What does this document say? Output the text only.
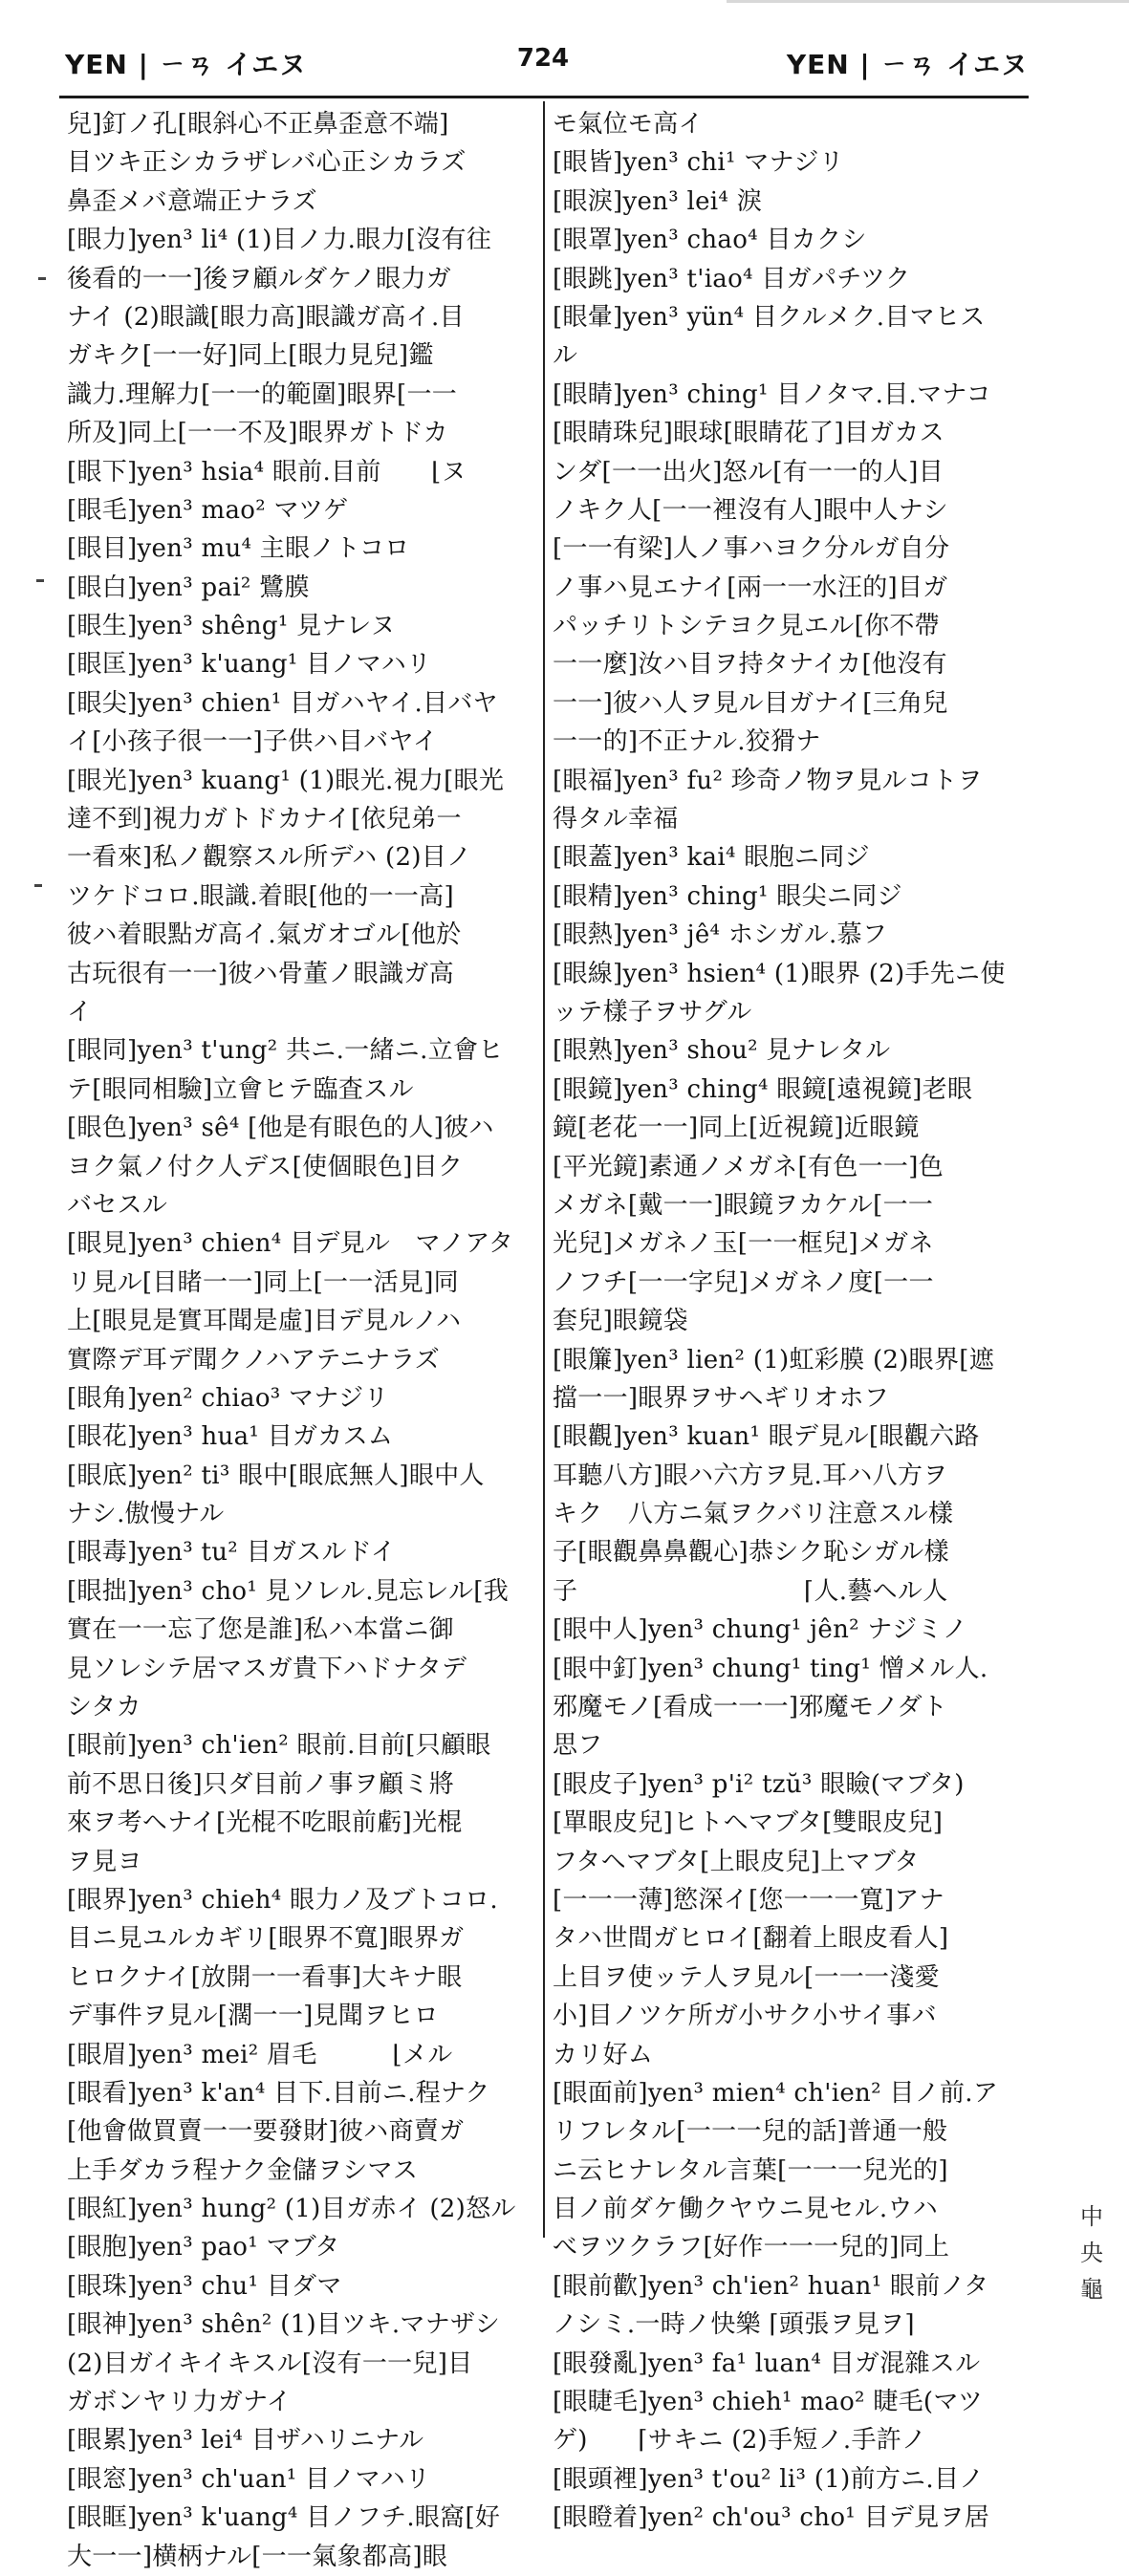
YEN | ㄧㄢ イエヌ	724	YEN | ㄧㄢ イエヌ
兒]釘ノ孔[眼斜心不正鼻歪意不端]
目ツキ正シカラザレバ心正シカラズ
鼻歪メバ意端正ナラズ
[眼力]yen³ li⁴ (1)目ノ力.眼力[沒有往
後看的一一]後ヲ顧ルダケノ眼力ガ
ナイ (2)眼識[眼力高]眼識ガ高イ.目
ガキク[一一好]同上[眼力見兒]鑑
識力.理解力[一一的範圍]眼界[一一
所及]同上[一一不及]眼界ガトドカ
[眼下]yen³ hsia⁴ 眼前.目前　　⌊ヌ
[眼毛]yen³ mao² マツゲ
[眼目]yen³ mu⁴ 主眼ノトコロ
[眼白]yen³ pai² 鷺膜
[眼生]yen³ shêng¹ 見ナレヌ
[眼匡]yen³ k'uang¹ 目ノマハリ
[眼尖]yen³ chien¹ 目ガハヤイ.目バヤ
イ[小孩子很一一]子供ハ目バヤイ
[眼光]yen³ kuang¹ (1)眼光.視力[眼光
達不到]視力ガトドカナイ[依兒弟一
一看來]私ノ觀察スル所デハ (2)目ノ
ツケドコロ.眼識.着眼[他的一一高]
彼ハ着眼點ガ高イ.氣ガオゴル[他於
古玩很有一一]彼ハ骨董ノ眼識ガ高
イ
[眼同]yen³ t'ung² 共ニ.一緒ニ.立會ヒ
テ[眼同相驗]立會ヒテ臨査スル
[眼色]yen³ sê⁴ [他是有眼色的人]彼ハ
ヨク氣ノ付ク人デス[使個眼色]目ク
バセスル
[眼見]yen³ chien⁴ 目デ見ル　マノアタ
リ見ル[目睹一一]同上[一一活見]同
上[眼見是實耳聞是虛]目デ見ルノハ
實際デ耳デ聞クノハアテニナラズ
[眼角]yen² chiao³ マナジリ
[眼花]yen³ hua¹ 目ガカスム
[眼底]yen² ti³ 眼中[眼底無人]眼中人
ナシ.傲慢ナル
[眼毒]yen³ tu² 目ガスルドイ
[眼拙]yen³ cho¹ 見ソレル.見忘レル[我
實在一一忘了您是誰]私ハ本當ニ御
見ソレシテ居マスガ貴下ハドナタデ
シタカ
[眼前]yen³ ch'ien² 眼前.目前[只顧眼
前不思日後]只ダ目前ノ事ヲ顧ミ將
來ヲ考ヘナイ[光棍不吃眼前虧]光棍
ヲ見ヨ
[眼界]yen³ chieh⁴ 眼力ノ及ブトコロ.
目ニ見ユルカギリ[眼界不寬]眼界ガ
ヒロクナイ[放開一一看事]大キナ眼
デ事件ヲ見ル[濶一一]見聞ヲヒロ
[眼眉]yen³ mei² 眉毛　　　⌊メル
[眼看]yen³ k'an⁴ 目下.目前ニ.程ナク
[他會做買賣一一要發財]彼ハ商賣ガ
上手ダカラ程ナク金儲ヲシマス
[眼紅]yen³ hung² (1)目ガ赤イ (2)怒ル
[眼胞]yen³ pao¹ マブタ
[眼珠]yen³ chu¹ 目ダマ
[眼神]yen³ shên² (1)目ツキ.マナザシ
(2)目ガイキイキスル[沒有一一兒]目
ガボンヤリ力ガナイ
[眼累]yen³ lei⁴ 目ザハリニナル
[眼窓]yen³ ch'uan¹ 目ノマハリ
[眼眶]yen³ k'uang⁴ 目ノフチ.眼窩[好
大一一]横柄ナル[一一氣象都高]眼
モ氣位モ高イ
[眼皆]yen³ chi¹ マナジリ
[眼淚]yen³ lei⁴ 淚
[眼罩]yen³ chao⁴ 目カクシ
[眼跳]yen³ t'iao⁴ 目ガパチツク
[眼暈]yen³ yün⁴ 目クルメク.目マヒス
ル
[眼睛]yen³ ching¹ 目ノタマ.目.マナコ
[眼睛珠兒]眼球[眼睛花了]目ガカス
ンダ[一一出火]怒ル[有一一的人]目
ノキク人[一一裡沒有人]眼中人ナシ
[一一有梁]人ノ事ハヨク分ルガ自分
ノ事ハ見エナイ[兩一一水汪的]目ガ
パッチリトシテヨク見エル[你不帶
一一麼]汝ハ目ヲ持タナイカ[他沒有
一一]彼ハ人ヲ見ル目ガナイ[三角兒
一一的]不正ナル.狡猾ナ
[眼福]yen³ fu² 珍奇ノ物ヲ見ルコトヲ
得タル幸福
[眼蓋]yen³ kai⁴ 眼胞ニ同ジ
[眼精]yen³ ching¹ 眼尖ニ同ジ
[眼熱]yen³ jê⁴ ホシガル.慕フ
[眼線]yen³ hsien⁴ (1)眼界 (2)手先ニ使
ッテ樣子ヲサグル
[眼熟]yen³ shou² 見ナレタル
[眼鏡]yen³ ching⁴ 眼鏡[遠視鏡]老眼
鏡[老花一一]同上[近視鏡]近眼鏡
[平光鏡]素通ノメガネ[有色一一]色
メガネ[戴一一]眼鏡ヲカケル[一一
光兒]メガネノ玉[一一框兒]メガネ
ノフチ[一一字兒]メガネノ度[一一
套兒]眼鏡袋
[眼簾]yen³ lien² (1)虹彩膜 (2)眼界[遮
擋一一]眼界ヲサヘギリオホフ
[眼觀]yen³ kuan¹ 眼デ見ル[眼觀六路
耳聽八方]眼ハ六方ヲ見.耳ハ八方ヲ
キク　八方ニ氣ヲクバリ注意スル樣
子[眼觀鼻鼻觀心]恭シク恥シガル樣
子　　　　　　　　　⌈人.藝ヘル人
[眼中人]yen³ chung¹ jên² ナジミノ
[眼中釘]yen³ chung¹ ting¹ 憎メル人.
邪魔モノ[看成一一一]邪魔モノダト
思フ
[眼皮子]yen³ p'i² tzŭ³ 眼瞼(マブタ)
[單眼皮兒]ヒトヘマブタ[雙眼皮兒]
フタヘマブタ[上眼皮兒]上マブタ
[一一一薄]慾深イ[您一一一寬]アナ
タハ世間ガヒロイ[翻着上眼皮看人]
上目ヲ使ッテ人ヲ見ル[一一一淺愛
小]目ノツケ所ガ小サク小サイ事バ
カリ好ム
[眼面前]yen³ mien⁴ ch'ien² 目ノ前.ア
リフレタル[一一一兒的話]普通一般
ニ云ヒナレタル言葉[一一一兒光的]
目ノ前ダケ働クヤウニ見セル.ウハ
べヲツクラフ[好作一一一兒的]同上
[眼前歡]yen³ ch'ien² huan¹ 眼前ノタ
ノシミ.一時ノ快樂 ⌈頭張ヲ見ヲ⌉
[眼發亂]yen³ fa¹ luan⁴ 目ガ混雜スル
[眼睫毛]yen³ chieh¹ mao² 睫毛(マツ
ゲ)　　⌈サキニ (2)手短ノ.手許ノ
[眼頭裡]yen³ t'ou² li³ (1)前方ニ.目ノ
[眼瞪着]yen² ch'ou³ cho¹ 目デ見ヲ居
中
央
龜
